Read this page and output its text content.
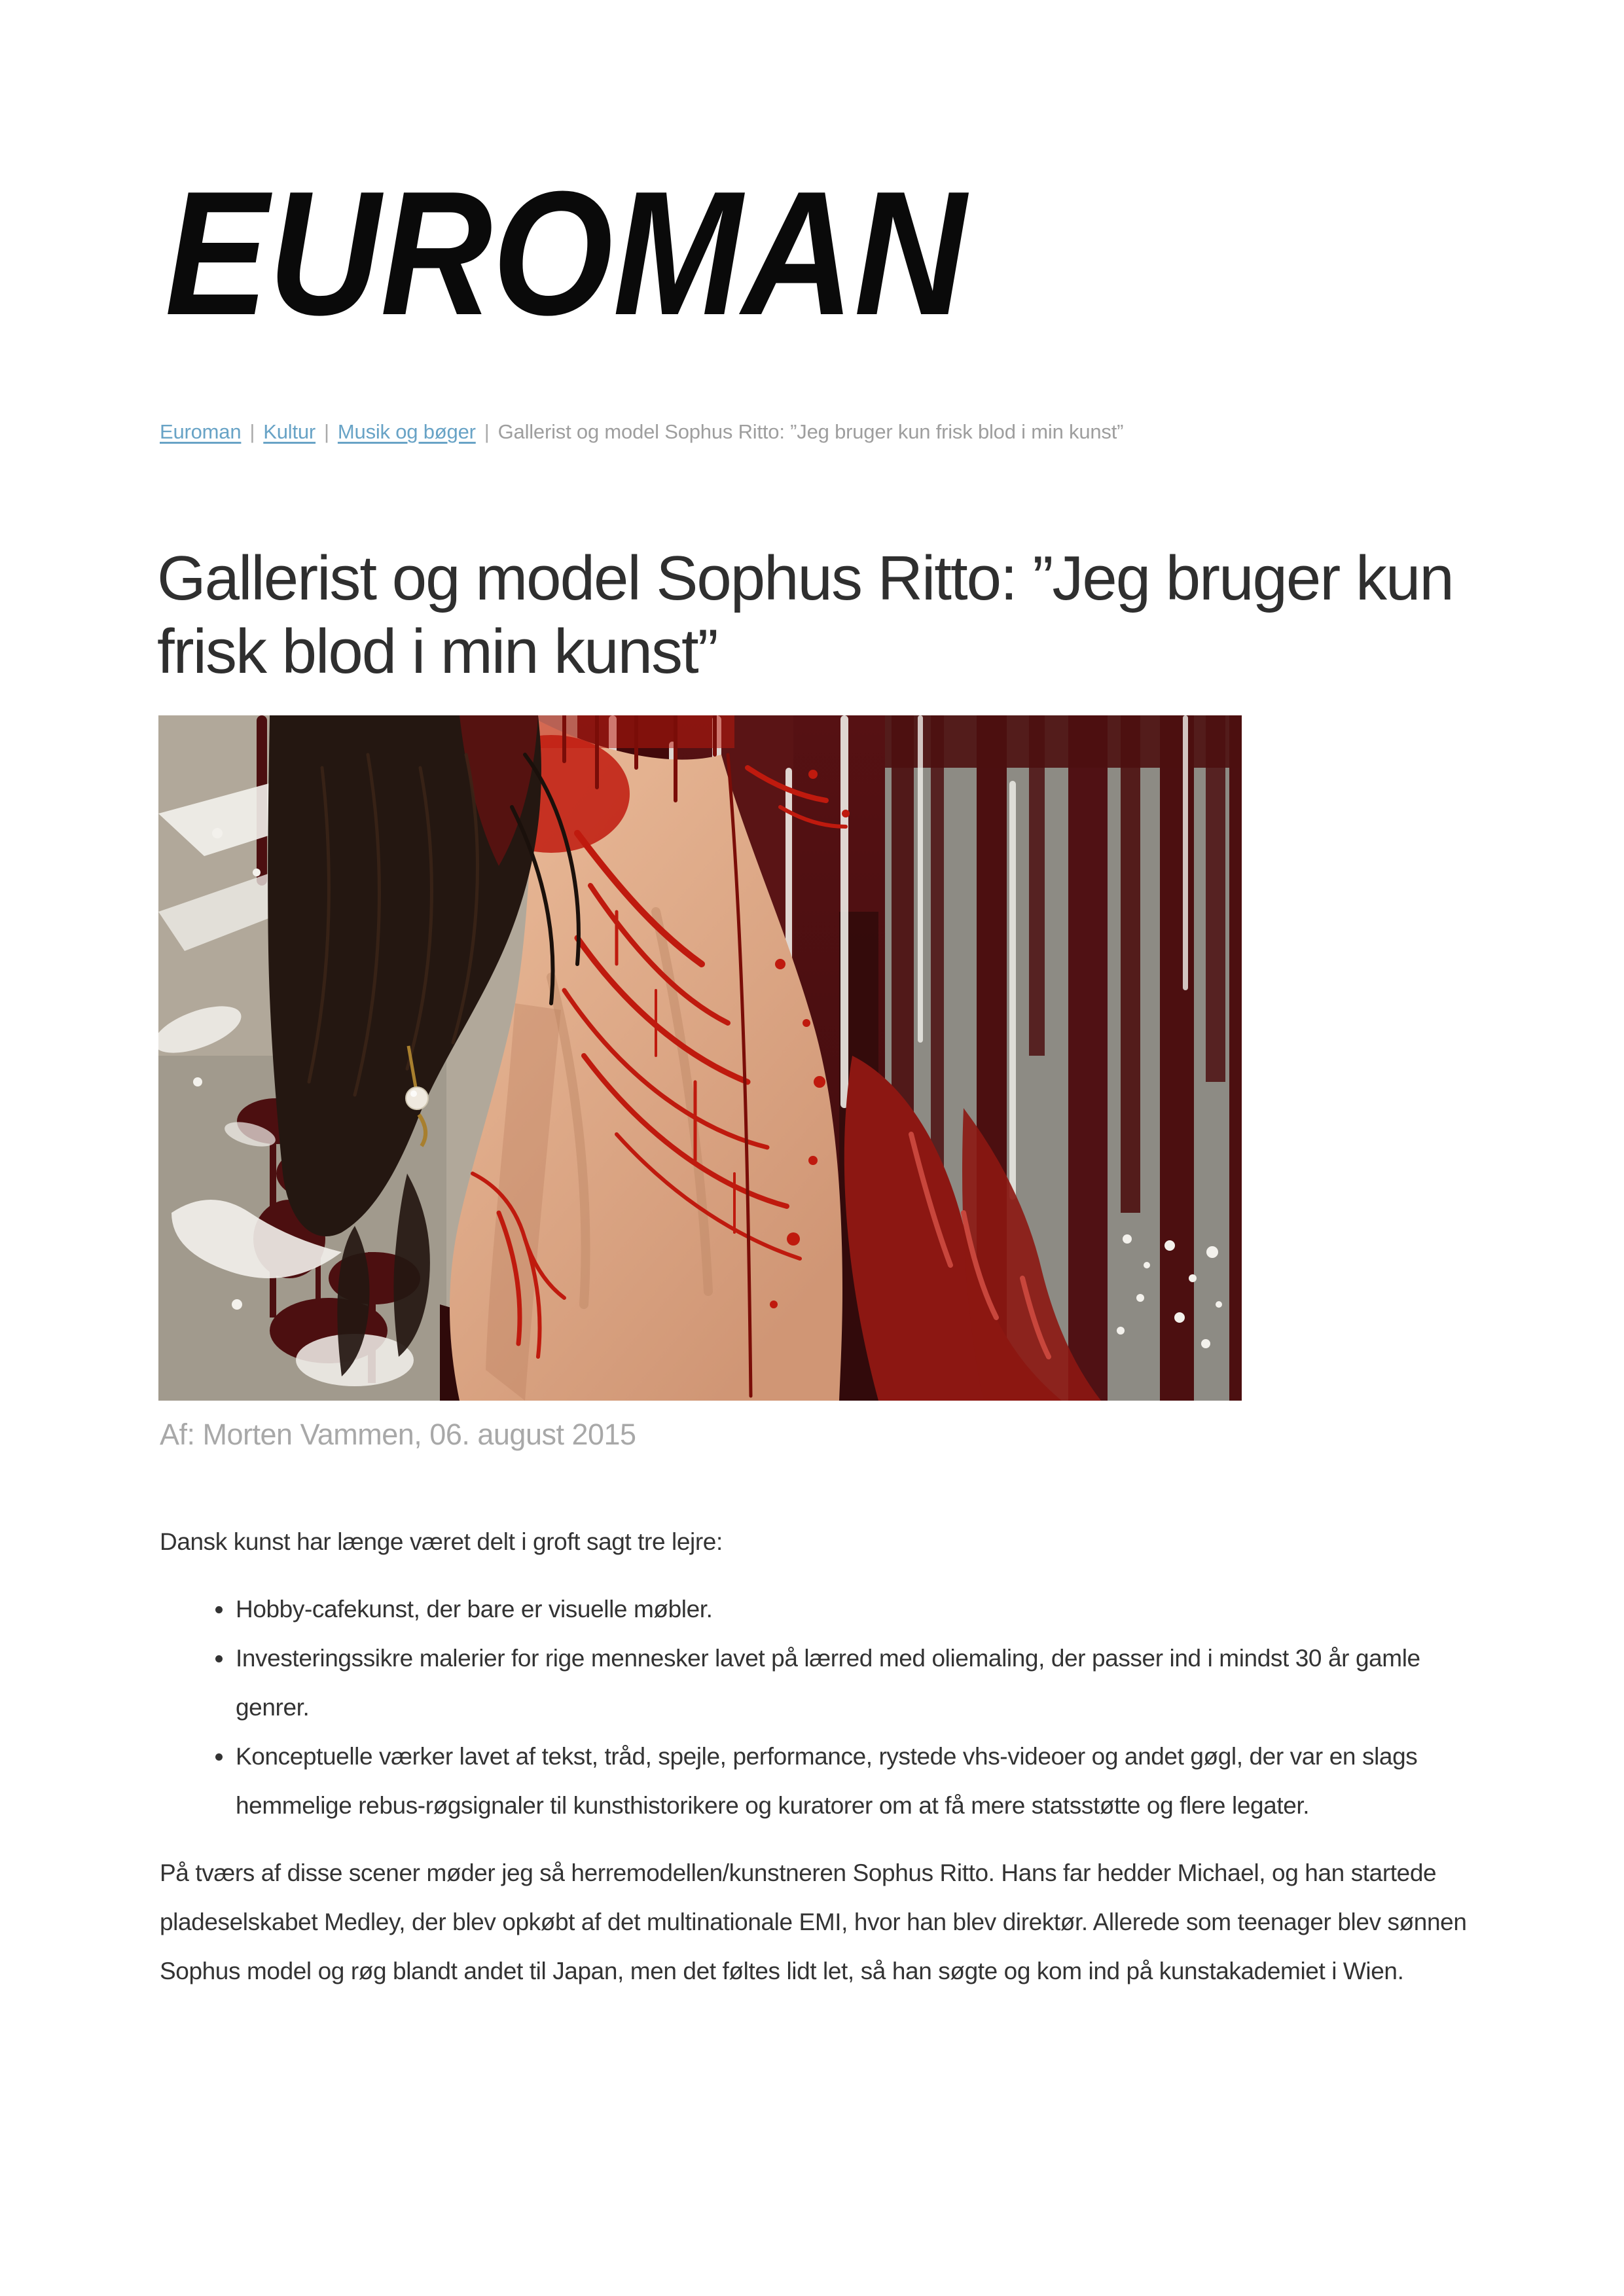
EUROMAN
Euroman | Kultur | Musik og bøger | Gallerist og model Sophus Ritto: ”Jeg bruger kun frisk blod i min kunst”
Gallerist og model Sophus Ritto: ”Jeg bruger kun frisk blod i min kunst”
Af: Morten Vammen, 06. august 2015

Dansk kunst har længe været delt i groft sagt tre lejre:

• Hobby-cafekunst, der bare er visuelle møbler.
• Investeringssikre malerier for rige mennesker lavet på lærred med oliemaling, der passer ind i mindst 30 år gamle genrer.
• Konceptuelle værker lavet af tekst, tråd, spejle, performance, rystede vhs-videoer og andet gøgl, der var en slags hemmelige rebus-røgsignaler til kunsthistorikere og kuratorer om at få mere statsstøtte og flere legater.

På tværs af disse scener møder jeg så herremodellen/kunstneren Sophus Ritto. Hans far hedder Michael, og han startede pladeselskabet Medley, der blev opkøbt af det multinationale EMI, hvor han blev direktør. Allerede som teenager blev sønnen Sophus model og røg blandt andet til Japan, men det føltes lidt let, så han søgte og kom ind på kunstakademiet i Wien.
